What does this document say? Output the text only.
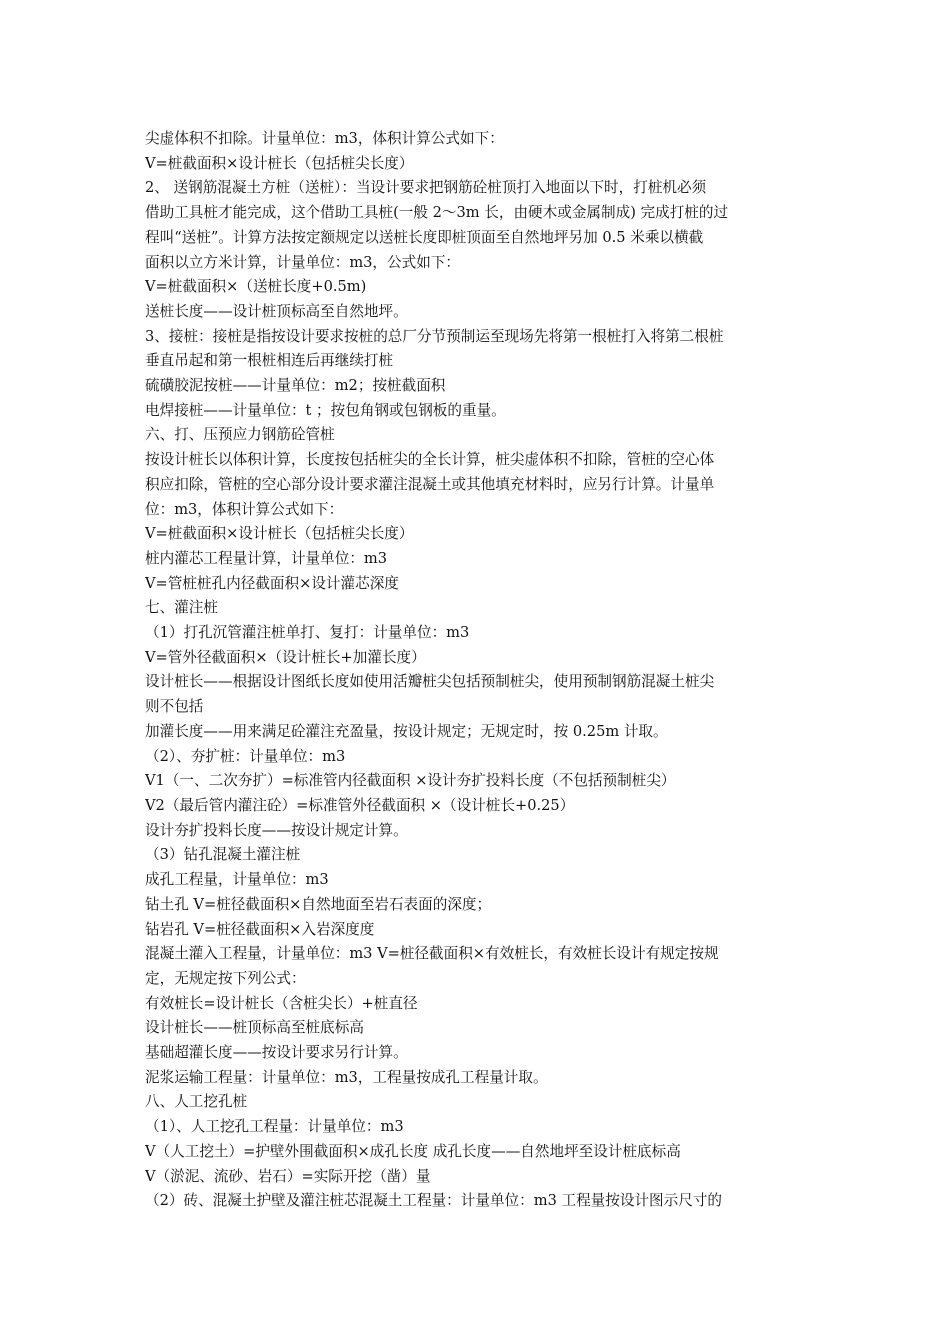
尖虚体积不扣除。计量单位：m3，体积计算公式如下：
V=桩截面积×设计桩长（包括桩尖长度）
2、 送钢筋混凝土方桩（送桩）：当设计要求把钢筋砼桩顶打入地面以下时，打桩机必须
借助工具桩才能完成，这个借助工具桩(一般 2～3m 长，由硬木或金属制成) 完成打桩的过
程叫“送桩”。计算方法按定额规定以送桩长度即桩顶面至自然地坪另加 0.5 米乘以横截
面积以立方米计算，计量单位：m3，公式如下：
V=桩截面积×（送桩长度+0.5m)
送桩长度——设计桩顶标高至自然地坪。
3、接桩：接桩是指按设计要求按桩的总厂分节预制运至现场先将第一根桩打入将第二根桩
垂直吊起和第一根桩相连后再继续打桩
硫磺胶泥按桩——计量单位：m2；按桩截面积
电焊接桩——计量单位：t ；按包角钢或包钢板的重量。
六、打、压预应力钢筋砼管桩
按设计桩长以体积计算，长度按包括桩尖的全长计算，桩尖虚体积不扣除，管桩的空心体
积应扣除，管桩的空心部分设计要求灌注混凝土或其他填充材料时，应另行计算。计量单
位：m3，体积计算公式如下：
V=桩截面积×设计桩长（包括桩尖长度）
桩内灌芯工程量计算，计量单位：m3
V=管桩桩孔内径截面积×设计灌芯深度
七、灌注桩
（1）打孔沉管灌注桩单打、复打：计量单位：m3
V=管外径截面积×（设计桩长+加灌长度）
设计桩长——根据设计图纸长度如使用活瓣桩尖包括预制桩尖，使用预制钢筋混凝土桩尖
则不包括
加灌长度——用来满足砼灌注充盈量，按设计规定；无规定时，按 0.25m 计取。
（2）、夯扩桩：计量单位：m3
V1（一、二次夯扩）=标准管内径截面积 ×设计夯扩投料长度（不包括预制桩尖）
V2（最后管内灌注砼）=标准管外径截面积 ×（设计桩长+0.25）
设计夯扩投料长度——按设计规定计算。
（3）钻孔混凝土灌注桩
成孔工程量，计量单位：m3
钻土孔 V=桩径截面积×自然地面至岩石表面的深度；
钻岩孔 V=桩径截面积×入岩深度度
混凝土灌入工程量，计量单位：m3 V=桩径截面积×有效桩长，有效桩长设计有规定按规
定，无规定按下列公式：
有效桩长=设计桩长（含桩尖长）+桩直径
设计桩长——桩顶标高至桩底标高
基础超灌长度——按设计要求另行计算。
泥浆运输工程量：计量单位：m3，工程量按成孔工程量计取。
八、人工挖孔桩
（1）、人工挖孔工程量：计量单位：m3
V（人工挖土）=护壁外围截面积×成孔长度 成孔长度——自然地坪至设计桩底标高
V（淤泥、流砂、岩石）=实际开挖（凿）量
（2）砖、混凝土护壁及灌注桩芯混凝土工程量：计量单位：m3 工程量按设计图示尺寸的
